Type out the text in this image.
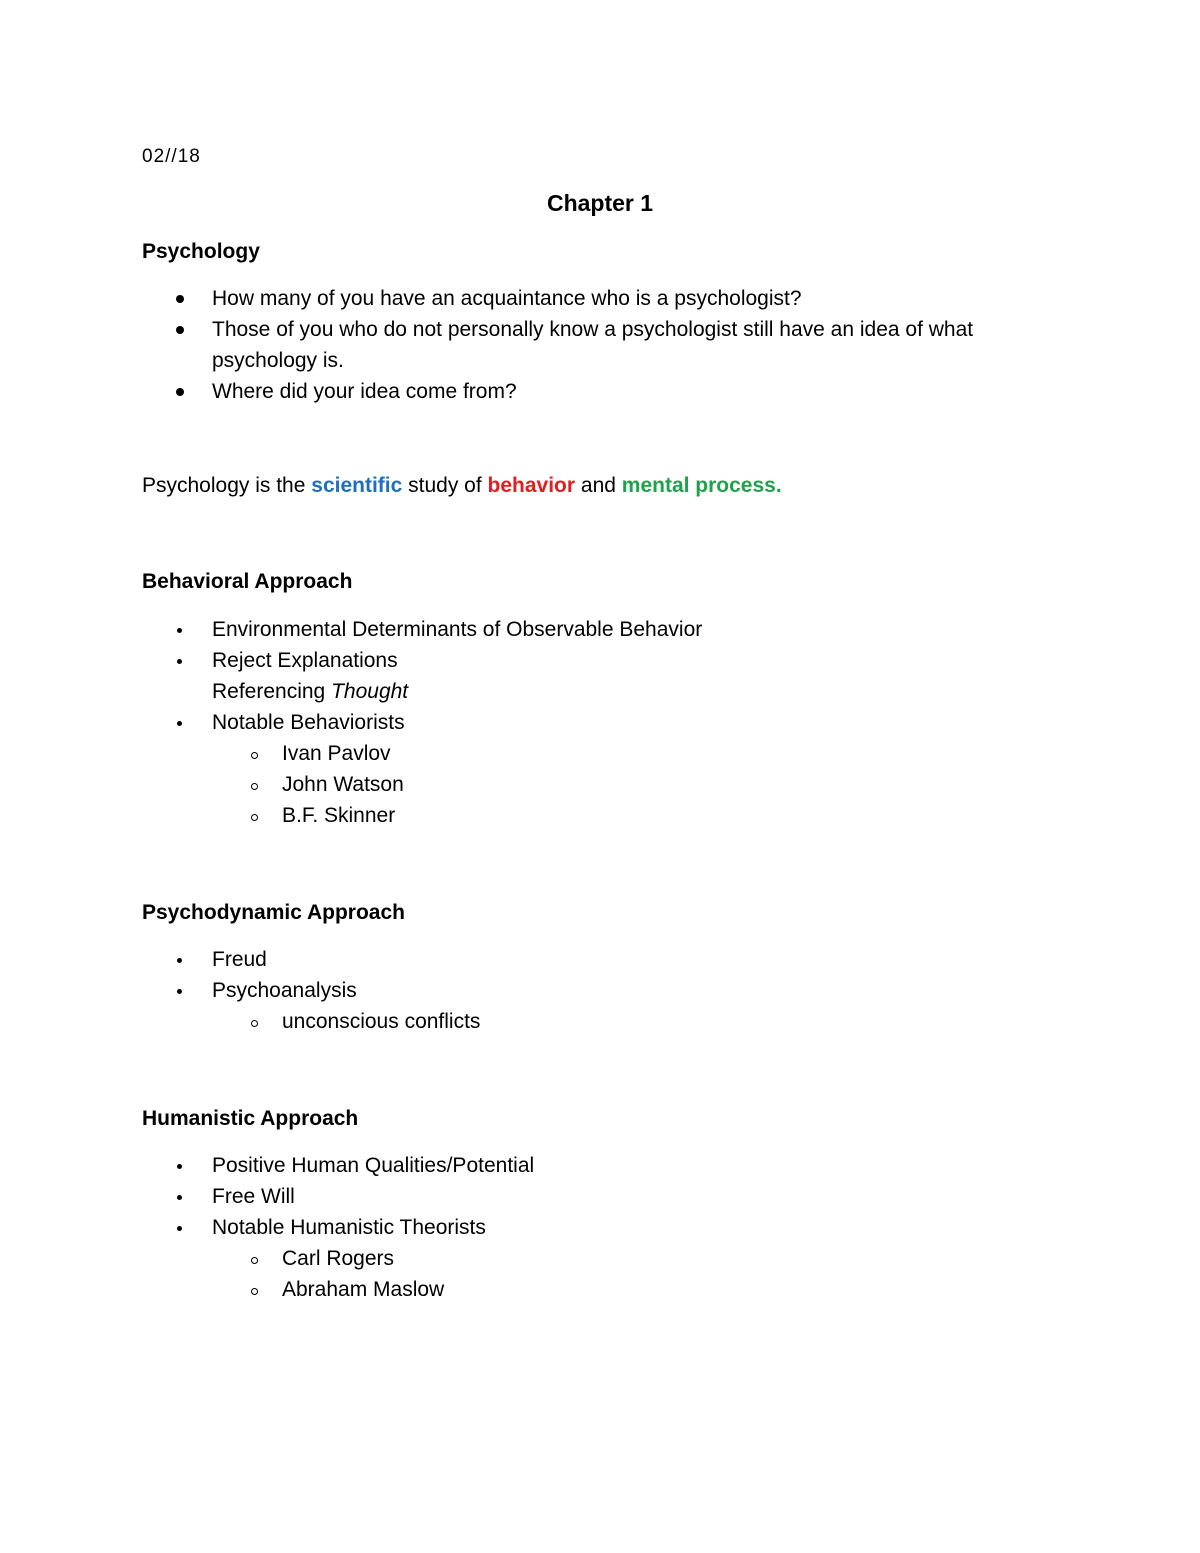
02//18
Chapter 1
Psychology
How many of you have an acquaintance who is a psychologist?
Those of you who do not personally know a psychologist still have an idea of what
psychology is.
Where did your idea come from?
Psychology is the scientific study of behavior and mental process.
Behavioral Approach
Environmental Determinants of Observable Behavior
Reject Explanations
Referencing Thought
Notable Behaviorists
Ivan Pavlov
John Watson
B.F. Skinner
Psychodynamic Approach
Freud
Psychoanalysis
unconscious conflicts
Humanistic Approach
Positive Human Qualities/Potential
Free Will
Notable Humanistic Theorists
Carl Rogers
Abraham Maslow
